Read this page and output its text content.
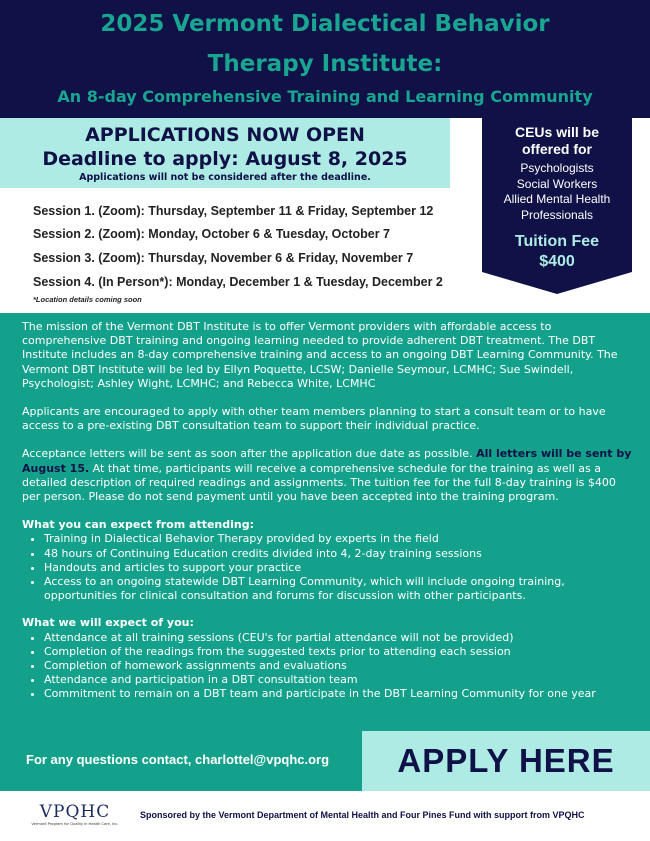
2025 Vermont Dialectical Behavior
Therapy Institute:
An 8-day Comprehensive Training and Learning Community
APPLICATIONS NOW OPEN
Deadline to apply: August 8, 2025
Applications will not be considered after the deadline.
Session 1. (Zoom): Thursday, September 11 & Friday, September 12
Session 2. (Zoom): Monday, October 6 & Tuesday, October 7
Session 3. (Zoom): Thursday, November 6 & Friday, November 7
Session 4. (In Person*): Monday, December 1 & Tuesday, December 2
*Location details coming soon
CEUs will be
offered for
Psychologists
Social Workers
Allied Mental Health
Professionals
Tuition Fee
$400

The mission of the Vermont DBT Institute is to offer Vermont providers with affordable access to comprehensive DBT training and ongoing learning needed to provide adherent DBT treatment. The DBT Institute includes an 8-day comprehensive training and access to an ongoing DBT Learning Community. The Vermont DBT Institute will be led by Ellyn Poquette, LCSW; Danielle Seymour, LCMHC; Sue Swindell, Psychologist; Ashley Wight, LCMHC; and Rebecca White, LCMHC

Applicants are encouraged to apply with other team members planning to start a consult team or to have access to a pre-existing DBT consultation team to support their individual practice.

Acceptance letters will be sent as soon after the application due date as possible. All letters will be sent by August 15. At that time, participants will receive a comprehensive schedule for the training as well as a detailed description of required readings and assignments. The tuition fee for the full 8-day training is $400 per person. Please do not send payment until you have been accepted into the training program.

What you can expect from attending:
• Training in Dialectical Behavior Therapy provided by experts in the field
• 48 hours of Continuing Education credits divided into 4, 2-day training sessions
• Handouts and articles to support your practice
• Access to an ongoing statewide DBT Learning Community, which will include ongoing training, opportunities for clinical consultation and forums for discussion with other participants.
What we will expect of you:
• Attendance at all training sessions (CEU's for partial attendance will not be provided)
• Completion of the readings from the suggested texts prior to attending each session
• Completion of homework assignments and evaluations
• Attendance and participation in a DBT consultation team
• Commitment to remain on a DBT team and participate in the DBT Learning Community for one year
For any questions contact, charlottel@vpqhc.org	APPLY HERE
VPQHC
Vermont Program for Quality in Health Care, Inc.
Sponsored by the Vermont Department of Mental Health and Four Pines Fund with support from VPQHC
